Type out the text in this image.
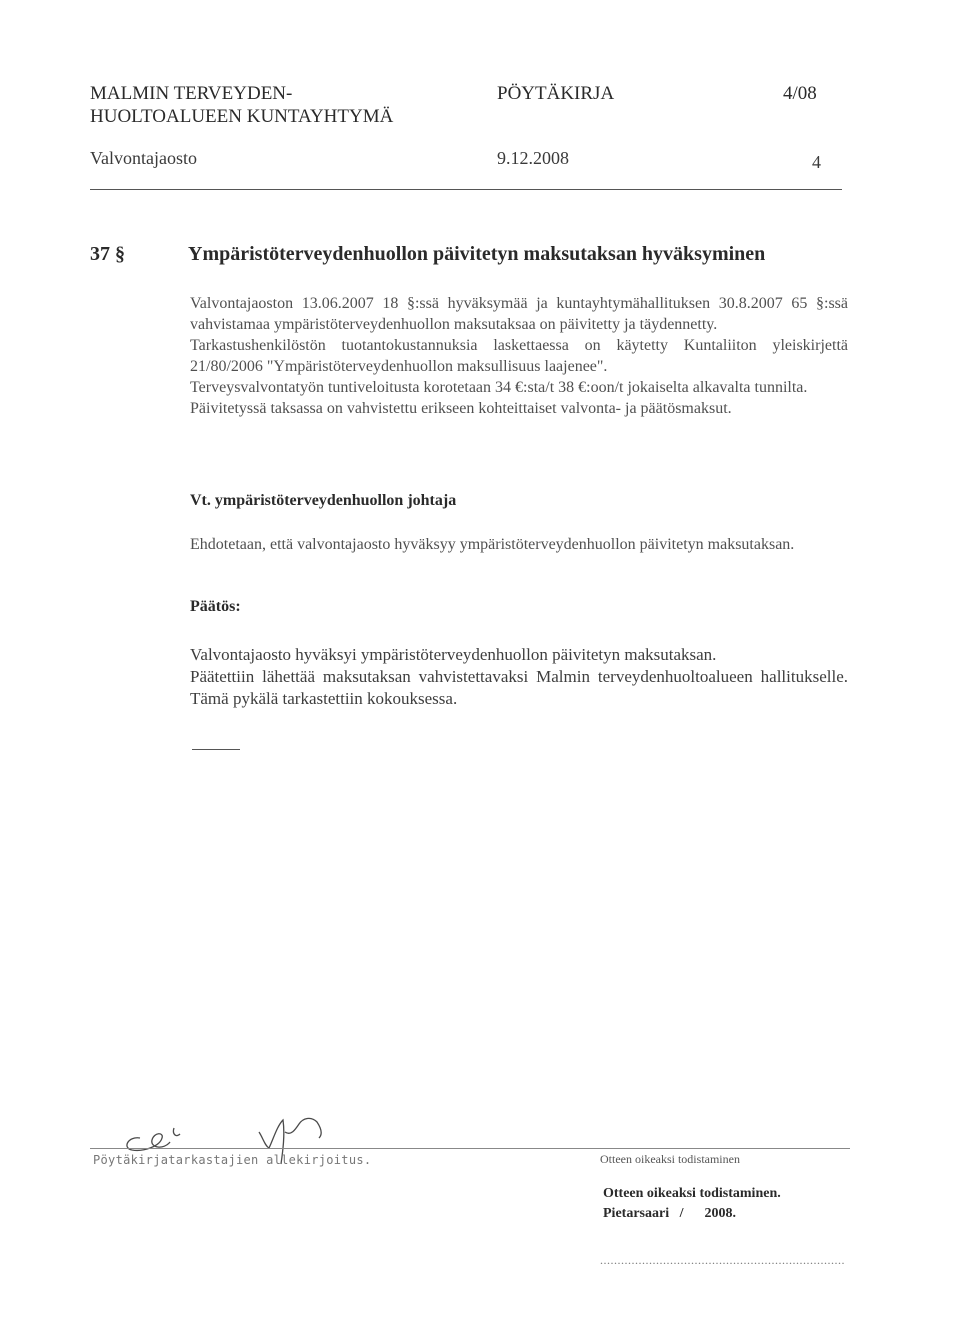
MALMIN TERVEYDEN-
HUOLTOALUEEN KUNTAYHTYMÄ
PÖYTÄKIRJA	4/08
Valvontajaosto	9.12.2008	4
37 §	Ympäristöterveydenhuollon päivitetyn maksutaksan hyväksyminen

Valvontajaoston 13.06.2007 18 §:ssä hyväksymää ja kuntayhtymähallituksen 30.8.2007 65 §:ssä vahvistamaa ympäristöterveydenhuollon maksutaksaa on päivitetty ja täydennetty.

Tarkastushenkilöstön tuotantokustannuksia laskettaessa on käytetty Kuntaliiton yleiskirjettä 21/80/2006 "Ympäristöterveydenhuollon maksullisuus laajenee".

Terveysvalvontatyön tuntiveloitusta korotetaan 34 €:sta/t 38 €:oon/t jokaiselta alkavalta tunnilta.

Päivitetyssä taksassa on vahvistettu erikseen kohteittaiset valvonta- ja päätösmaksut.

Vt. ympäristöterveydenhuollon johtaja

Ehdotetaan, että valvontajaosto hyväksyy ympäristöterveydenhuollon päivitetyn maksutaksan.

Päätös:

Valvontajaosto hyväksyi ympäristöterveydenhuollon päivitetyn maksutaksan.

Päätettiin lähettää maksutaksan vahvistettavaksi Malmin terveydenhuoltoalueen hallitukselle. Tämä pykälä tarkastettiin kokouksessa.

Pöytäkirjatarkastajien allekirjoitus.	Otteen oikeaksi todistaminen
Otteen oikeaksi todistaminen.
Pietarsaari   /      2008.
......................................................................
